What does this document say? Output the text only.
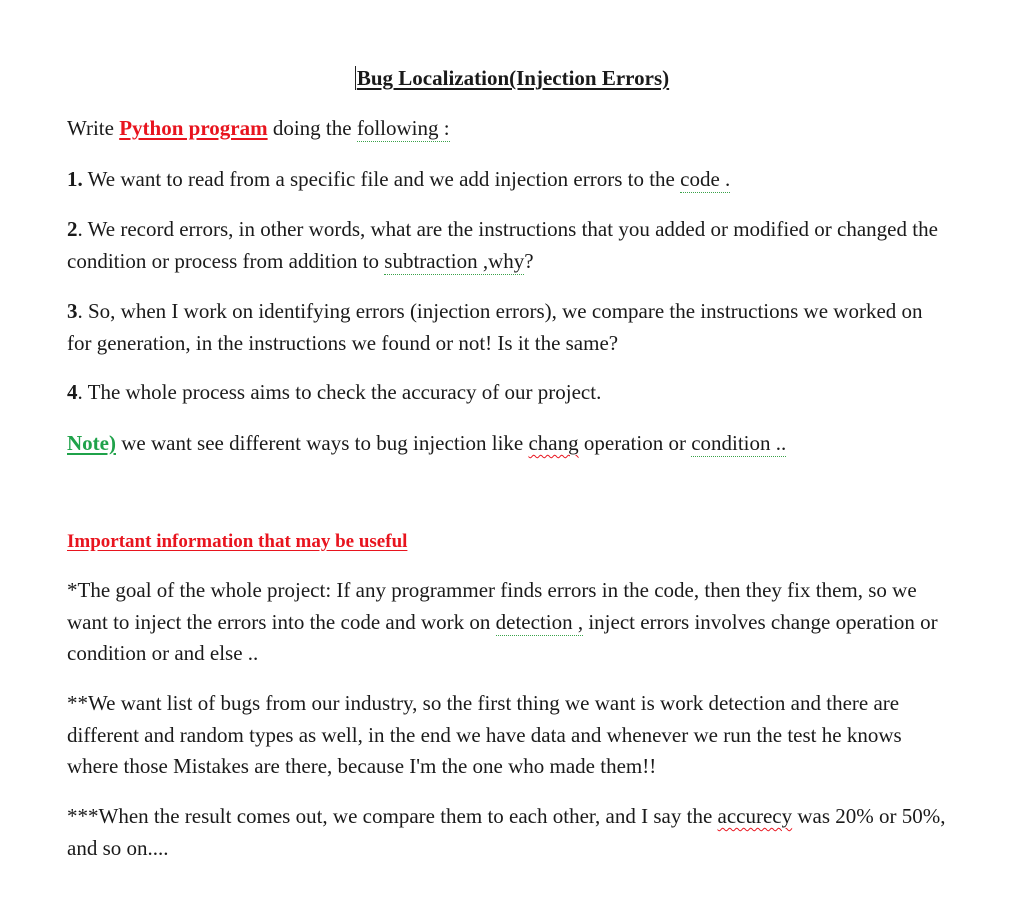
Bug Localization(Injection Errors)

Write Python program doing the following :

1. We want to read from a specific file and we add injection errors to the code .

2. We record errors, in other words, what are the instructions that you added or modified or changed the condition or process from addition to subtraction ,why?

3. So, when I work on identifying errors (injection errors), we compare the instructions we worked on for generation, in the instructions we found or not! Is it the same?

4. The whole process aims to check the accuracy of our project.

Note) we want see different ways to bug injection like chang operation or condition ..

Important information that may be useful

*The goal of the whole project: If any programmer finds errors in the code, then they fix them, so we want to inject the errors into the code and work on detection , inject errors involves change operation or condition or and else ..

**We want list of bugs from our industry, so the first thing we want is work detection and there are different and random types as well, in the end we have data and whenever we run the test he knows where those Mistakes are there, because I'm the one who made them!!

***When the result comes out, we compare them to each other, and I say the accurecy was 20% or 50%, and so on....
